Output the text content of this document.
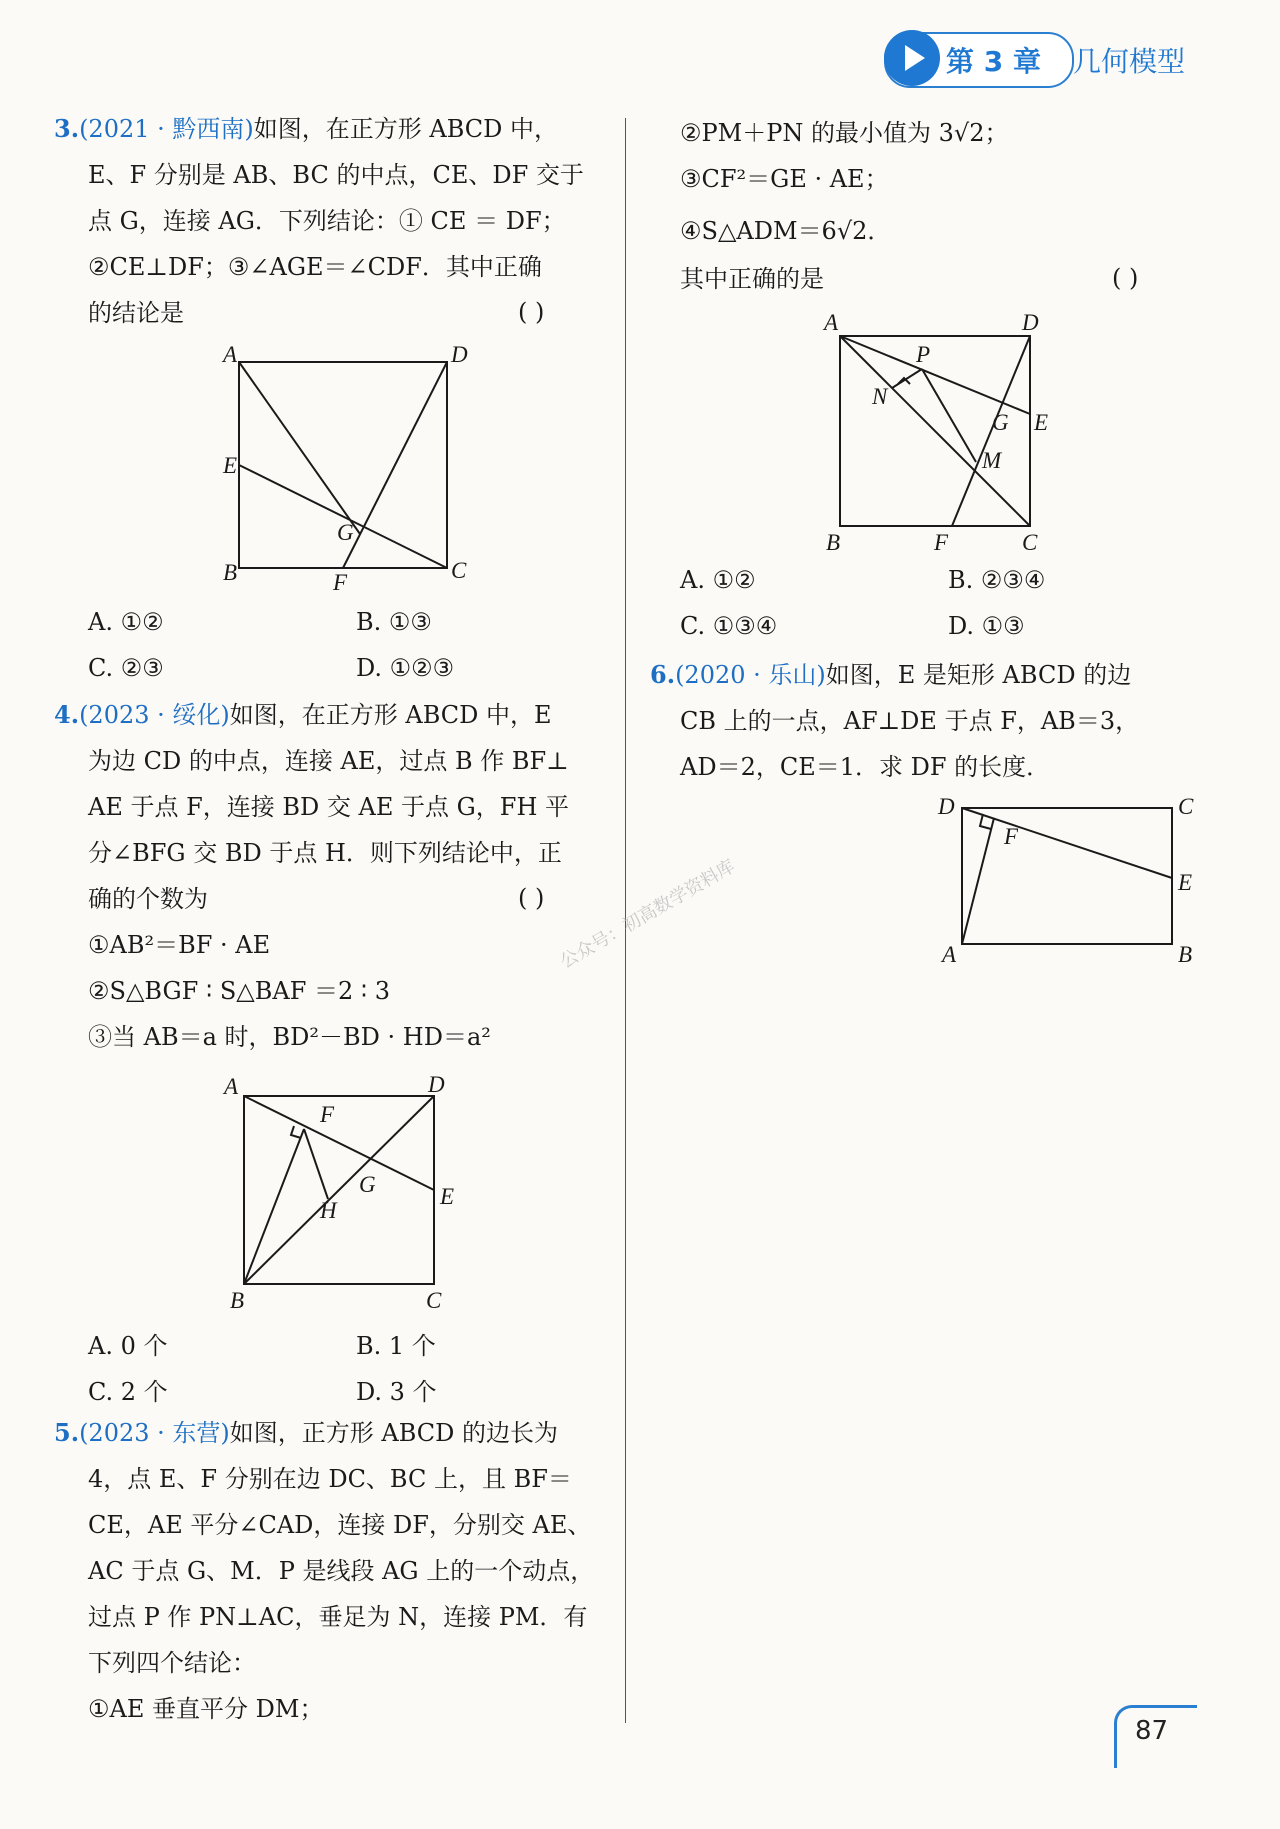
第 3 章 几何模型
公众号：初高数学资料库
3.(2021 · 黔西南)如图，在正方形 ABCD 中，
E、F 分别是 AB、BC 的中点，CE、DF 交于
点 G，连接 AG．下列结论：① CE ＝ DF；
②CE⊥DF；③∠AGE＝∠CDF．其中正确
的结论是	( )
A	D
E
B	F	C
G
A. ①②	B. ①③
C. ②③	D. ①②③
4.(2023 · 绥化)如图，在正方形 ABCD 中，E
为边 CD 的中点，连接 AE，过点 B 作 BF⊥
AE 于点 F，连接 BD 交 AE 于点 G，FH 平
分∠BFG 交 BD 于点 H．则下列结论中，正
确的个数为	( )
①AB²＝BF · AE
②S△BGF ∶ S△BAF ＝2 ∶ 3
③当 AB＝a 时，BD²－BD · HD＝a²
A	D
F
G
H
E
B	C
A. 0 个	B. 1 个
C. 2 个	D. 3 个
5.(2023 · 东营)如图，正方形 ABCD 的边长为
4，点 E、F 分别在边 DC、BC 上，且 BF＝
CE，AE 平分∠CAD，连接 DF，分别交 AE、
AC 于点 G、M．P 是线段 AG 上的一个动点，
过点 P 作 PN⊥AC，垂足为 N，连接 PM．有
下列四个结论：
①AE 垂直平分 DM；
②PM＋PN 的最小值为 3√2；
③CF²＝GE · AE；
④S△ADM＝6√2．
其中正确的是	( )
A	D
P
N
G E
M
B	F	C
A. ①②	B. ②③④
C. ①③④	D. ①③
6.(2020 · 乐山)如图，E 是矩形 ABCD 的边
CB 上的一点，AF⊥DE 于点 F，AB＝3，
AD＝2，CE＝1．求 DF 的长度．
D	C
F
E
A	B
87
